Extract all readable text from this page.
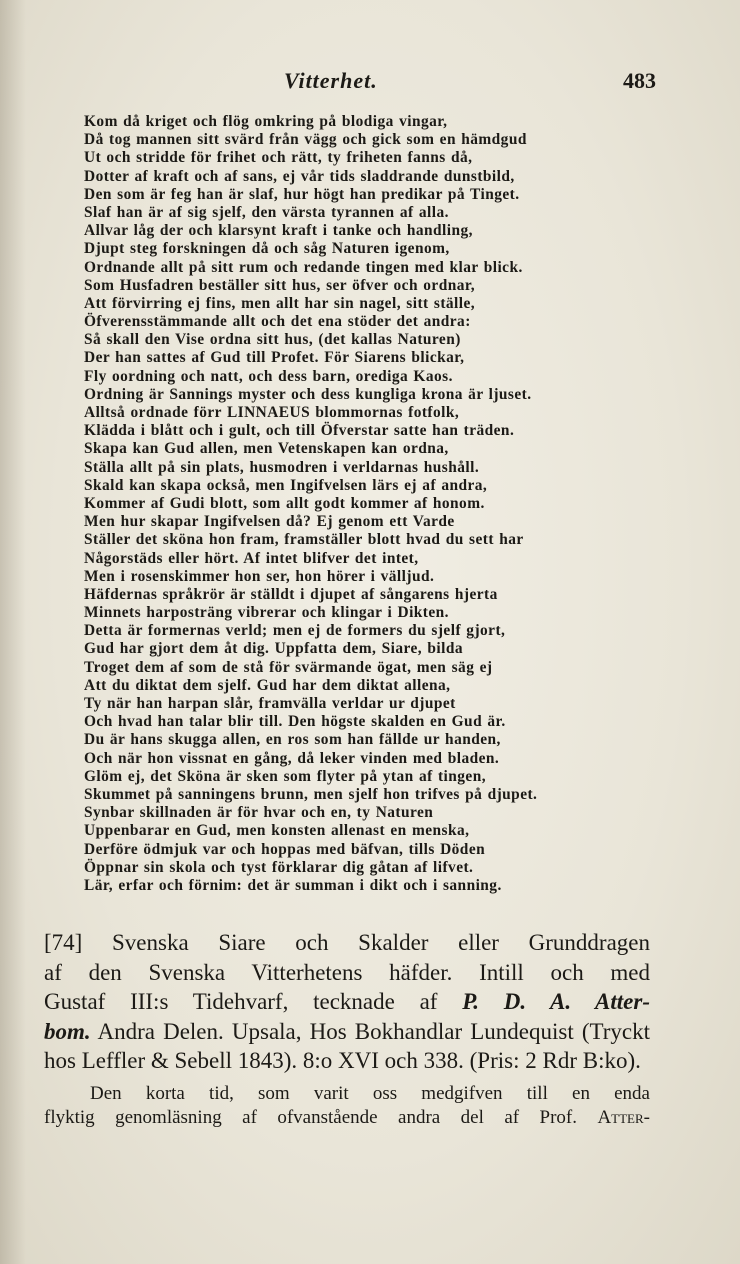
Vitterhet.	483
Kom då kriget och flög omkring på blodiga vingar,
Då tog mannen sitt svärd från vägg och gick som en hämdgud
Ut och stridde för frihet och rätt, ty friheten fanns då,
Dotter af kraft och af sans, ej vår tids sladdrande dunstbild,
Den som är feg han är slaf, hur högt han predikar på Tinget.
Slaf han är af sig sjelf, den värsta tyrannen af alla.
Allvar låg der och klarsynt kraft i tanke och handling,
Djupt steg forskningen då och såg Naturen igenom,
Ordnande allt på sitt rum och redande tingen med klar blick.
Som Husfadren beställer sitt hus, ser öfver och ordnar,
Att förvirring ej fins, men allt har sin nagel, sitt ställe,
Öfverensstämmande allt och det ena stöder det andra:
Så skall den Vise ordna sitt hus, (det kallas Naturen)
Der han sattes af Gud till Profet. För Siarens blickar,
Fly oordning och natt, och dess barn, orediga Kaos.
Ordning är Sannings myster och dess kungliga krona är ljuset.
Alltså ordnade förr LINNAEUS blommornas fotfolk,
Klädda i blått och i gult, och till Öfverstar satte han träden.
Skapa kan Gud allen, men Vetenskapen kan ordna,
Ställa allt på sin plats, husmodren i verldarnas hushåll.
Skald kan skapa också, men Ingifvelsen lärs ej af andra,
Kommer af Gudi blott, som allt godt kommer af honom.
Men hur skapar Ingifvelsen då? Ej genom ett Varde
Ställer det sköna hon fram, framställer blott hvad du sett har
Någorstäds eller hört. Af intet blifver det intet,
Men i rosenskimmer hon ser, hon hörer i välljud.
Häfdernas språkrör är ställdt i djupet af sångarens hjerta
Minnets harposträng vibrerar och klingar i Dikten.
Detta är formernas verld; men ej de formers du sjelf gjort,
Gud har gjort dem åt dig. Uppfatta dem, Siare, bilda
Troget dem af som de stå för svärmande ögat, men säg ej
Att du diktat dem sjelf. Gud har dem diktat allena,
Ty när han harpan slår, framvälla verldar ur djupet
Och hvad han talar blir till. Den högste skalden en Gud är.
Du är hans skugga allen, en ros som han fällde ur handen,
Och när hon vissnat en gång, då leker vinden med bladen.
Glöm ej, det Sköna är sken som flyter på ytan af tingen,
Skummet på sanningens brunn, men sjelf hon trifves på djupet.
Synbar skillnaden är för hvar och en, ty Naturen
Uppenbarar en Gud, men konsten allenast en menska,
Derföre ödmjuk var och hoppas med bäfvan, tills Döden
Öppnar sin skola och tyst förklarar dig gåtan af lifvet.
Lär, erfar och förnim: det är summan i dikt och i sanning.
[74] Svenska Siare och Skalder eller Grunddragen
af den Svenska Vitterhetens häfder. Intill och med
Gustaf III:s Tidehvarf, tecknade af P. D. A. Atter-
bom. Andra Delen. Upsala, Hos Bokhandlar Lundequist (Tryckt
hos Leffler & Sebell 1843). 8:o XVI och 338. (Pris: 2 Rdr B:ko).
Den korta tid, som varit oss medgifven till en enda
flyktig genomläsning af ofvanstående andra del af Prof. Atter-
